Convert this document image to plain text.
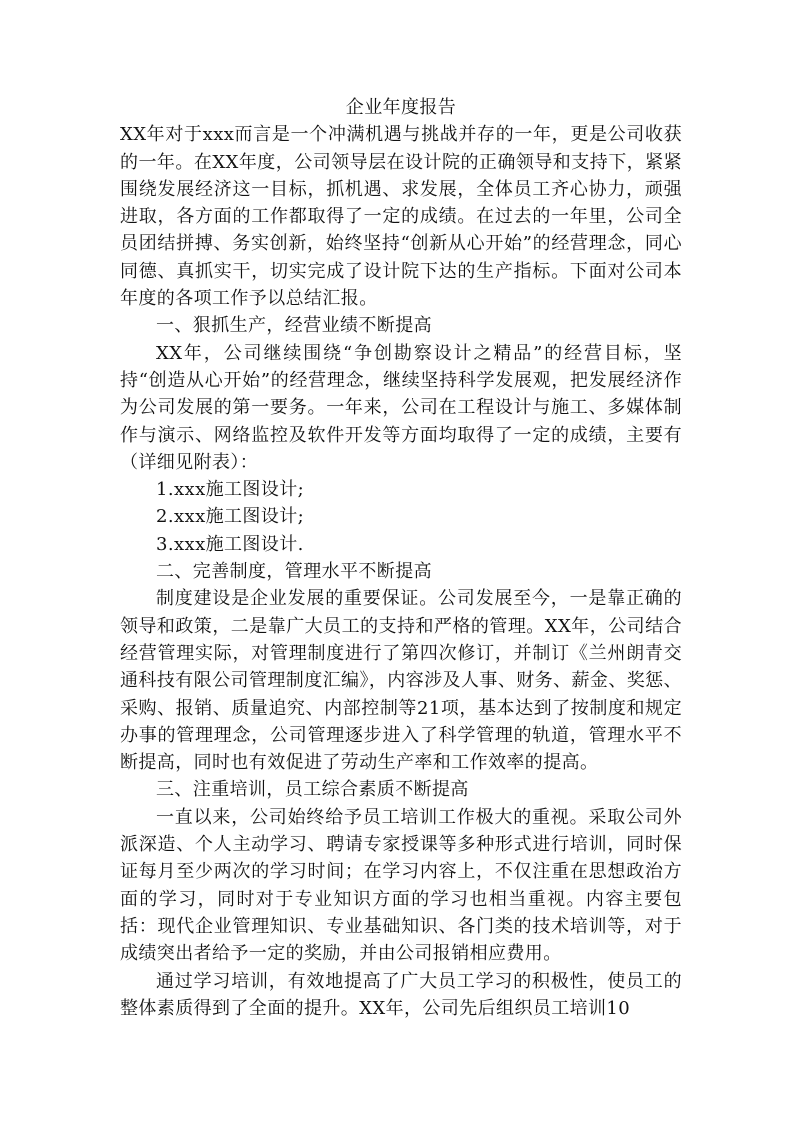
企业年度报告

XX年对于xxx而言是一个冲满机遇与挑战并存的一年，更是公司收获的一年。在XX年度，公司领导层在设计院的正确领导和支持下，紧紧围绕发展经济这一目标，抓机遇、求发展，全体员工齐心协力，顽强进取，各方面的工作都取得了一定的成绩。在过去的一年里，公司全员团结拼搏、务实创新，始终坚持“创新从心开始”的经营理念，同心同德、真抓实干，切实完成了设计院下达的生产指标。下面对公司本年度的各项工作予以总结汇报。

一、狠抓生产，经营业绩不断提高

XX年，公司继续围绕“争创勘察设计之精品”的经营目标，坚持“创造从心开始”的经营理念，继续坚持科学发展观，把发展经济作为公司发展的第一要务。一年来，公司在工程设计与施工、多媒体制作与演示、网络监控及软件开发等方面均取得了一定的成绩，主要有（详细见附表）：

1.xxx施工图设计;

2.xxx施工图设计;

3.xxx施工图设计.

二、完善制度，管理水平不断提高

制度建设是企业发展的重要保证。公司发展至今，一是靠正确的领导和政策，二是靠广大员工的支持和严格的管理。XX年，公司结合经营管理实际，对管理制度进行了第四次修订，并制订《兰州朗青交通科技有限公司管理制度汇编》，内容涉及人事、财务、薪金、奖惩、采购、报销、质量追究、内部控制等21项，基本达到了按制度和规定办事的管理理念，公司管理逐步进入了科学管理的轨道，管理水平不断提高，同时也有效促进了劳动生产率和工作效率的提高。

三、注重培训，员工综合素质不断提高

一直以来，公司始终给予员工培训工作极大的重视。采取公司外派深造、个人主动学习、聘请专家授课等多种形式进行培训，同时保证每月至少两次的学习时间；在学习内容上，不仅注重在思想政治方面的学习，同时对于专业知识方面的学习也相当重视。内容主要包括：现代企业管理知识、专业基础知识、各门类的技术培训等，对于成绩突出者给予一定的奖励，并由公司报销相应费用。

通过学习培训，有效地提高了广大员工学习的积极性，使员工的整体素质得到了全面的提升。XX年，公司先后组织员工培训10
